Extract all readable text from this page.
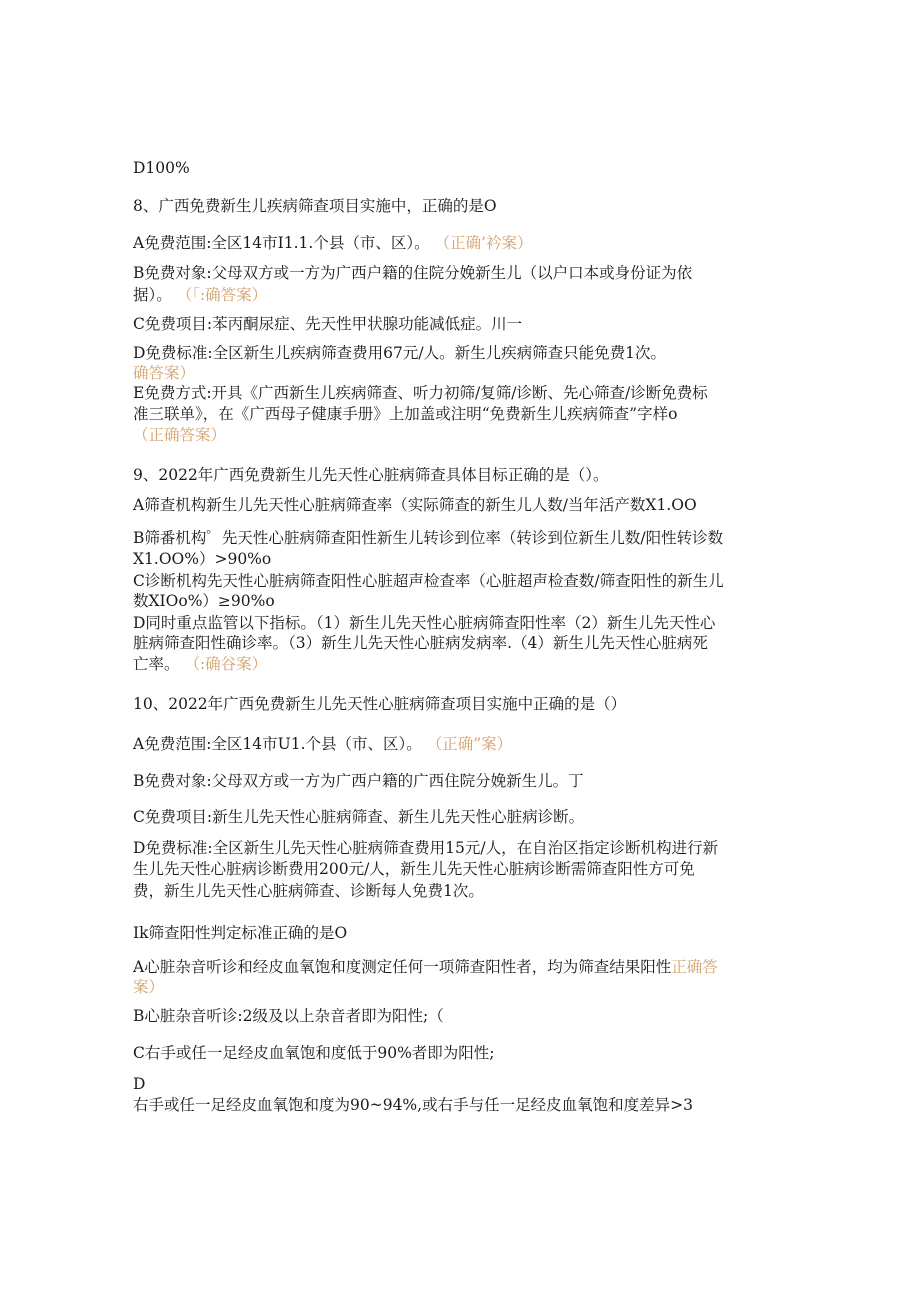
D100%
8、广西免费新生儿疾病筛查项目实施中，正确的是O
A免费范围:全区14市I1.1.个县（市、区）。 （正确’衿案）
B免费对象:父母双方或一方为广西户籍的住院分娩新生儿（以户口本或身份证为依
据）。 （「:确答案）
C免费项目:苯丙酮尿症、先天性甲状腺功能减低症。川一
D免费标准:全区新生儿疾病筛查费用67元/人。新生儿疾病筛查只能免费1次。
确答案）
E免费方式:开具《广西新生儿疾病筛查、听力初筛/复筛/诊断、先心筛查/诊断免费标
准三联单》，在《广西母子健康手册》上加盖或注明“免费新生儿疾病筛查”字样o
（正确答案）
9、2022年广西免费新生儿先天性心脏病筛查具体目标正确的是（）。
A筛查机构新生儿先天性心脏病筛查率（实际筛查的新生儿人数/当年活产数X1.OO
B筛番机构゜先天性心脏病筛查阳性新生儿转诊到位率（转诊到位新生儿数/阳性转诊数
X1.OO%）>90%o
C诊断机构先天性心脏病筛查阳性心脏超声检查率（心脏超声检查数/筛查阳性的新生儿
数XIOo%）≥90%o
D同时重点监管以下指标。（1）新生儿先天性心脏病筛查阳性率（2）新生儿先天性心
脏病筛查阳性确诊率。（3）新生儿先天性心脏病发病率.（4）新生儿先天性心脏病死
亡率。 （:确谷案）
10、2022年广西免费新生儿先天性心脏病筛查项目实施中正确的是（）
A免费范围:全区14市U1.个县（市、区）。 （正确”案）
B免费对象:父母双方或一方为广西户籍的广西住院分娩新生儿。丁
C免费项目:新生儿先天性心脏病筛查、新生儿先天性心脏病诊断。
D免费标准:全区新生儿先天性心脏病筛查费用15元/人，在自治区指定诊断机构进行新
生儿先天性心脏病诊断费用200元/人，新生儿先天性心脏病诊断需筛查阳性方可免
费，新生儿先天性心脏病筛查、诊断每人免费1次。
Ik筛查阳性判定标准正确的是O
A心脏杂音听诊和经皮血氧饱和度测定任何一项筛查阳性者，均为筛查结果阳性正确答
案）
B心脏杂音听诊:2级及以上杂音者即为阳性;（
C右手或任一足经皮血氧饱和度低于90%者即为阳性;
D
右手或任一足经皮血氧饱和度为90~94%,或右手与任一足经皮血氧饱和度差异>3
